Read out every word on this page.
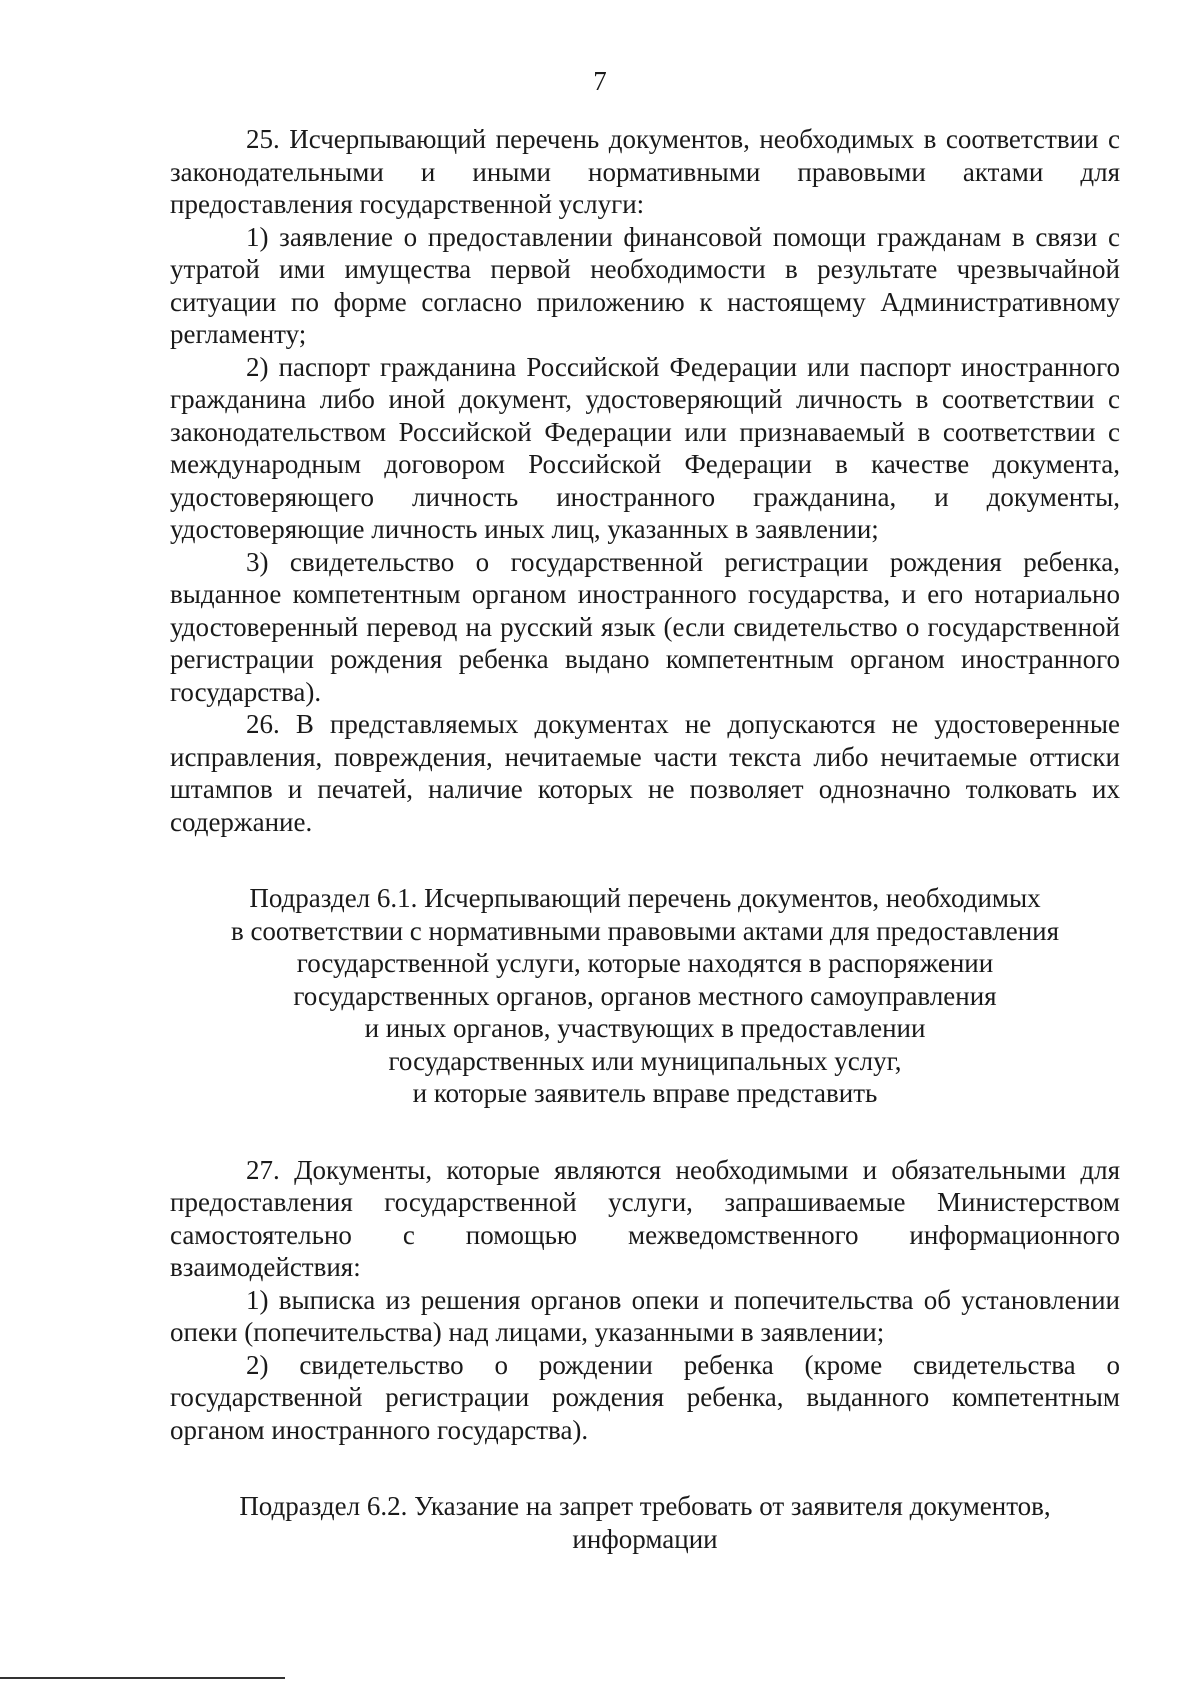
7

25. Исчерпывающий перечень документов, необходимых в соответствии с законодательными и иными нормативными правовыми актами для предоставления государственной услуги:

1) заявление о предоставлении финансовой помощи гражданам в связи с утратой ими имущества первой необходимости в результате чрезвычайной ситуации по форме согласно приложению к настоящему Административному регламенту;

2) паспорт гражданина Российской Федерации или паспорт иностранного гражданина либо иной документ, удостоверяющий личность в соответствии с законодательством Российской Федерации или признаваемый в соответствии с международным договором Российской Федерации в качестве документа, удостоверяющего личность иностранного гражданина, и документы, удостоверяющие личность иных лиц, указанных в заявлении;

3) свидетельство о государственной регистрации рождения ребенка, выданное компетентным органом иностранного государства, и его нотариально удостоверенный перевод на русский язык (если свидетельство о государственной регистрации рождения ребенка выдано компетентным органом иностранного государства).

26. В представляемых документах не допускаются не удостоверенные исправления, повреждения, нечитаемые части текста либо нечитаемые оттиски штампов и печатей, наличие которых не позволяет однозначно толковать их содержание.

Подраздел 6.1. Исчерпывающий перечень документов, необходимых
в соответствии с нормативными правовыми актами для предоставления
государственной услуги, которые находятся в распоряжении
государственных органов, органов местного самоуправления
и иных органов, участвующих в предоставлении
государственных или муниципальных услуг,
и которые заявитель вправе представить

27. Документы, которые являются необходимыми и обязательными для предоставления государственной услуги, запрашиваемые Министерством самостоятельно с помощью межведомственного информационного взаимодействия:

1) выписка из решения органов опеки и попечительства об установлении опеки (попечительства) над лицами, указанными в заявлении;

2) свидетельство о рождении ребенка (кроме свидетельства о государственной регистрации рождения ребенка, выданного компетентным органом иностранного государства).

Подраздел 6.2. Указание на запрет требовать от заявителя документов,
информации
